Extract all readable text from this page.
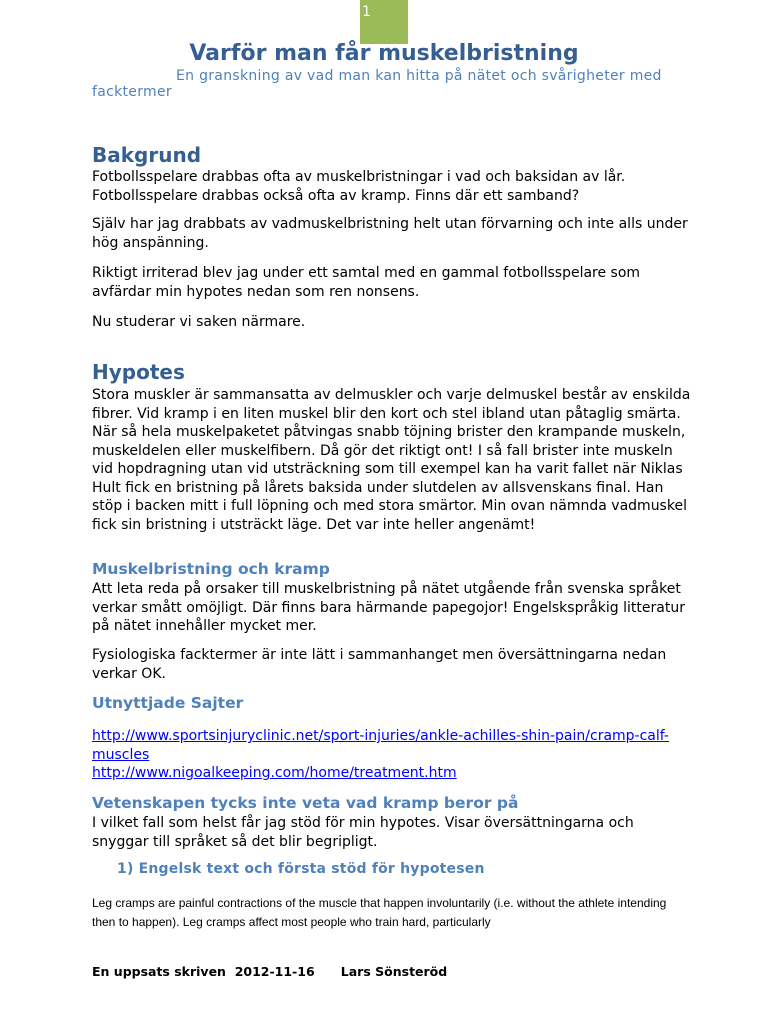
1
Varför man får muskelbristning

En granskning av vad man kan hitta på nätet och svårigheter med facktermer

Bakgrund

Fotbollsspelare drabbas ofta av muskelbristningar i vad och baksidan av lår. Fotbollsspelare drabbas också ofta av kramp. Finns där ett samband?

Själv har jag drabbats av vadmuskelbristning helt utan förvarning och inte alls under hög anspänning.

Riktigt irriterad blev jag under ett samtal med en gammal fotbollsspelare som avfärdar min hypotes nedan som ren nonsens.

Nu studerar vi saken närmare.

Hypotes

Stora muskler är sammansatta av delmuskler och varje delmuskel består av enskilda fibrer. Vid kramp i en liten muskel blir den kort och stel ibland utan påtaglig smärta. När så hela muskelpaketet påtvingas snabb töjning brister den krampande muskeln, muskeldelen eller muskelfibern. Då gör det riktigt ont! I så fall brister inte muskeln vid hopdragning utan vid utsträckning som till exempel kan ha varit fallet när Niklas Hult fick en bristning på lårets baksida under slutdelen av allsvenskans final. Han stöp i backen mitt i full löpning och med stora smärtor. Min ovan nämnda vadmuskel fick sin bristning i utsträckt läge. Det var inte heller angenämt!

Muskelbristning och kramp

Att leta reda på orsaker till muskelbristning på nätet utgående från svenska språket verkar smått omöjligt. Där finns bara härmande papegojor! Engelskspråkig litteratur på nätet innehåller mycket mer.

Fysiologiska facktermer är inte lätt i sammanhanget men översättningarna nedan verkar OK.

Utnyttjade Sajter
http://www.sportsinjuryclinic.net/sport-injuries/ankle-achilles-shin-pain/cramp-calf-muscles
http://www.nigoalkeeping.com/home/treatment.htm
Vetenskapen tycks inte veta vad kramp beror på

I vilket fall som helst får jag stöd för min hypotes. Visar översättningarna och snyggar till språket så det blir begripligt.

1) Engelsk text och första stöd för hypotesen

Leg cramps are painful contractions of the muscle that happen involuntarily (i.e. without the athlete intending then to happen). Leg cramps affect most people who train hard, particularly

En uppsats skriven 2012-11-16 Lars Sönsteröd
